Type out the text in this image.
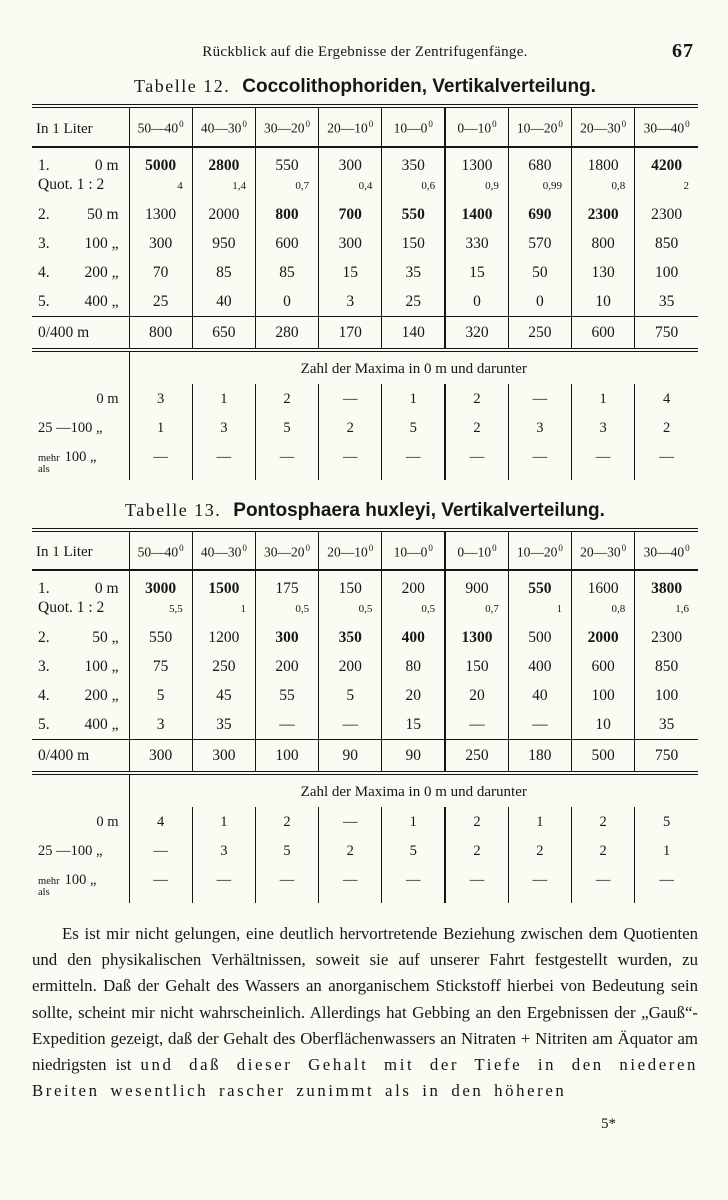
Rückblick auf die Ergebnisse der Zentrifugenfänge.	67
Tabelle 12. Coccolithophoriden, Vertikalverteilung.
In 1 Liter	$50—40^0$	$40—30^0$	$30—20^0$	$20—10^0$	$10—0^0$	$0—10^0$	$10—20^0$	$20—30^0$	$30—40^0$

1. 0 m	5000	2800	550	300	350	1300	680	1800	4200

Quot. 1 : 2	4	1,4	0,7	0,4	0,6	0,9	0,99	0,8	2

2. 50 m	1300	2000	800	700	550	1400	690	2300	2300

3. 100 „	300	950	600	300	150	330	570	800	850

4. 200 „	70	85	85	15	35	15	50	130	100

5. 400 „	25	40	0	3	25	0	0	10	35

0/400 m	800	650	280	170	140	320	250	600	750
	Zahl der Maxima in 0 m und darunter								

0 m	3	1	2	—	1	2	—	1	4

25 —100 „	1	3	5	2	5	2	3	3	2

mehr
als
100 „	—	—	—	—	—	—	—	—	—
Tabelle 13. Pontosphaera huxleyi, Vertikalverteilung.
In 1 Liter	$50—40^0$	$40—30^0$	$30—20^0$	$20—10^0$	$10—0^0$	$0—10^0$	$10—20^0$	$20—30^0$	$30—40^0$

1. 0 m	3000	1500	175	150	200	900	550	1600	3800

Quot. 1 : 2	5,5	1	0,5	0,5	0,5	0,7	1	0,8	1,6

2. 50 „	550	1200	300	350	400	1300	500	2000	2300

3. 100 „	75	250	200	200	80	150	400	600	850

4. 200 „	5	45	55	5	20	20	40	100	100

5. 400 „	3	35	—	—	15	—	—	10	35

0/400 m	300	300	100	90	90	250	180	500	750
	Zahl der Maxima in 0 m und darunter								

0 m	4	1	2	—	1	2	1	2	5

25 —100 „	—	3	5	2	5	2	2	2	1

mehr
als
100 „	—	—	—	—	—	—	—	—	—

Es ist mir nicht gelungen, eine deutlich hervortretende Beziehung zwischen dem Quotienten und den physikalischen Verhältnissen, soweit sie auf unserer Fahrt festgestellt wurden, zu ermitteln. Daß der Gehalt des Wassers an anorganischem Stickstoff hierbei von Bedeutung sein sollte, scheint mir nicht wahrscheinlich. Allerdings hat Gebbing an den Ergebnissen der „Gauß“-Expedition gezeigt, daß der Gehalt des Oberflächenwassers an Nitraten + Nitriten am Äquator am niedrigsten ist und daß dieser Gehalt mit der Tiefe in den niederen Breiten wesentlich rascher zunimmt als in den höheren

5*
